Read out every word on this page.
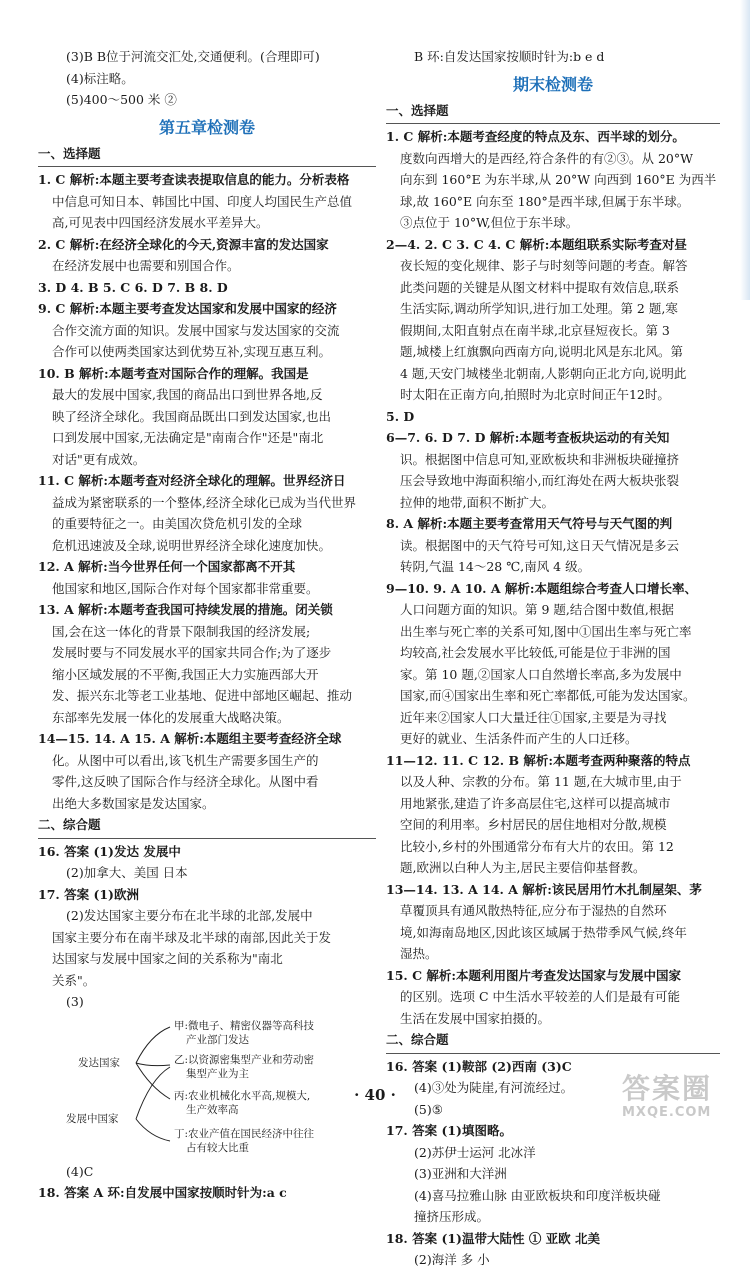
(3)B B位于河流交汇处,交通便利。(合理即可)
(4)标注略。
(5)400～500 米 ②
第五章检测卷
一、选择题
1. C 解析:本题主要考查读表提取信息的能力。分析表格
中信息可知日本、韩国比中国、印度人均国民生产总值
高,可见表中四国经济发展水平差异大。
2. C 解析:在经济全球化的今天,资源丰富的发达国家
在经济发展中也需要和别国合作。
3. D 4. B 5. C 6. D 7. B 8. D
9. C 解析:本题主要考查发达国家和发展中国家的经济
合作交流方面的知识。发展中国家与发达国家的交流
合作可以使两类国家达到优势互补,实现互惠互利。
10. B 解析:本题考查对国际合作的理解。我国是
最大的发展中国家,我国的商品出口到世界各地,反
映了经济全球化。我国商品既出口到发达国家,也出
口到发展中国家,无法确定是"南南合作"还是"南北
对话"更有成效。
11. C 解析:本题考查对经济全球化的理解。世界经济日
益成为紧密联系的一个整体,经济全球化已成为当代世界
的重要特征之一。由美国次贷危机引发的全球
危机迅速波及全球,说明世界经济全球化速度加快。
12. A 解析:当今世界任何一个国家都离不开其
他国家和地区,国际合作对每个国家都非常重要。
13. A 解析:本题考查我国可持续发展的措施。闭关锁
国,会在这一体化的背景下限制我国的经济发展;
发展时要与不同发展水平的国家共同合作;为了逐步
缩小区域发展的不平衡,我国正大力实施西部大开
发、振兴东北等老工业基地、促进中部地区崛起、推动
东部率先发展一体化的发展重大战略决策。
14—15. 14. A 15. A 解析:本题组主要考查经济全球
化。从图中可以看出,该飞机生产需要多国生产的
零件,这反映了国际合作与经济全球化。从图中看
出绝大多数国家是发达国家。
二、综合题
16. 答案 (1)发达 发展中
(2)加拿大、美国 日本
17. 答案 (1)欧洲
(2)发达国家主要分布在北半球的北部,发展中
国家主要分布在南半球及北半球的南部,因此关于发
达国家与发展中国家之间的关系称为"南北
关系"。
(3)
发达国家
发展中国家
甲:微电子、精密仪器等高科技
产业部门发达
乙:以资源密集型产业和劳动密
集型产业为主
丙:农业机械化水平高,规模大,
生产效率高
丁:农业产值在国民经济中往往
占有较大比重
(4)C
18. 答案 A 环:自发展中国家按顺时针为:a c
B 环:自发达国家按顺时针为:b e d
期末检测卷
一、选择题
1. C 解析:本题考查经度的特点及东、西半球的划分。
度数向西增大的是西经,符合条件的有②③。从 20°W
向东到 160°E 为东半球,从 20°W 向西到 160°E 为西半
球,故 160°E 向东至 180°是西半球,但属于东半球。
③点位于 10°W,但位于东半球。
2—4. 2. C 3. C 4. C 解析:本题组联系实际考查对昼
夜长短的变化规律、影子与时刻等问题的考查。解答
此类问题的关键是从图文材料中提取有效信息,联系
生活实际,调动所学知识,进行加工处理。第 2 题,寒
假期间,太阳直射点在南半球,北京昼短夜长。第 3
题,城楼上红旗飘向西南方向,说明北风是东北风。第
4 题,天安门城楼坐北朝南,人影朝向正北方向,说明此
时太阳在正南方向,拍照时为北京时间正午12时。
5. D
6—7. 6. D 7. D 解析:本题考查板块运动的有关知
识。根据图中信息可知,亚欧板块和非洲板块碰撞挤
压会导致地中海面积缩小,而红海处在两大板块张裂
拉伸的地带,面积不断扩大。
8. A 解析:本题主要考查常用天气符号与天气图的判
读。根据图中的天气符号可知,这日天气情况是多云
转阴,气温 14～28 ℃,南风 4 级。
9—10. 9. A 10. A 解析:本题组综合考查人口增长率、
人口问题方面的知识。第 9 题,结合图中数值,根据
出生率与死亡率的关系可知,图中①国出生率与死亡率
均较高,社会发展水平比较低,可能是位于非洲的国
家。第 10 题,②国家人口自然增长率高,多为发展中
国家,而④国家出生率和死亡率都低,可能为发达国家。
近年来②国家人口大量迁往①国家,主要是为寻找
更好的就业、生活条件而产生的人口迁移。
11—12. 11. C 12. B 解析:本题考查两种聚落的特点
以及人种、宗教的分布。第 11 题,在大城市里,由于
用地紧张,建造了许多高层住宅,这样可以提高城市
空间的利用率。乡村居民的居住地相对分散,规模
比较小,乡村的外围通常分布有大片的农田。第 12
题,欧洲以白种人为主,居民主要信仰基督教。
13—14. 13. A 14. A 解析:该民居用竹木扎制屋架、茅
草覆顶具有通风散热特征,应分布于湿热的自然环
境,如海南岛地区,因此该区域属于热带季风气候,终年
湿热。
15. C 解析:本题利用图片考查发达国家与发展中国家
的区别。选项 C 中生活水平较差的人们是最有可能
生活在发展中国家拍摄的。
二、综合题
16. 答案 (1)鞍部 (2)西南 (3)C
(4)③处为陡崖,有河流经过。
(5)⑤
17. 答案 (1)填图略。
(2)苏伊士运河 北冰洋
(3)亚洲和大洋洲
(4)喜马拉雅山脉 由亚欧板块和印度洋板块碰
撞挤压形成。
18. 答案 (1)温带大陆性 ① 亚欧 北美
(2)海洋 多 小
· 40 ·	答案圈
MXQE.COM
